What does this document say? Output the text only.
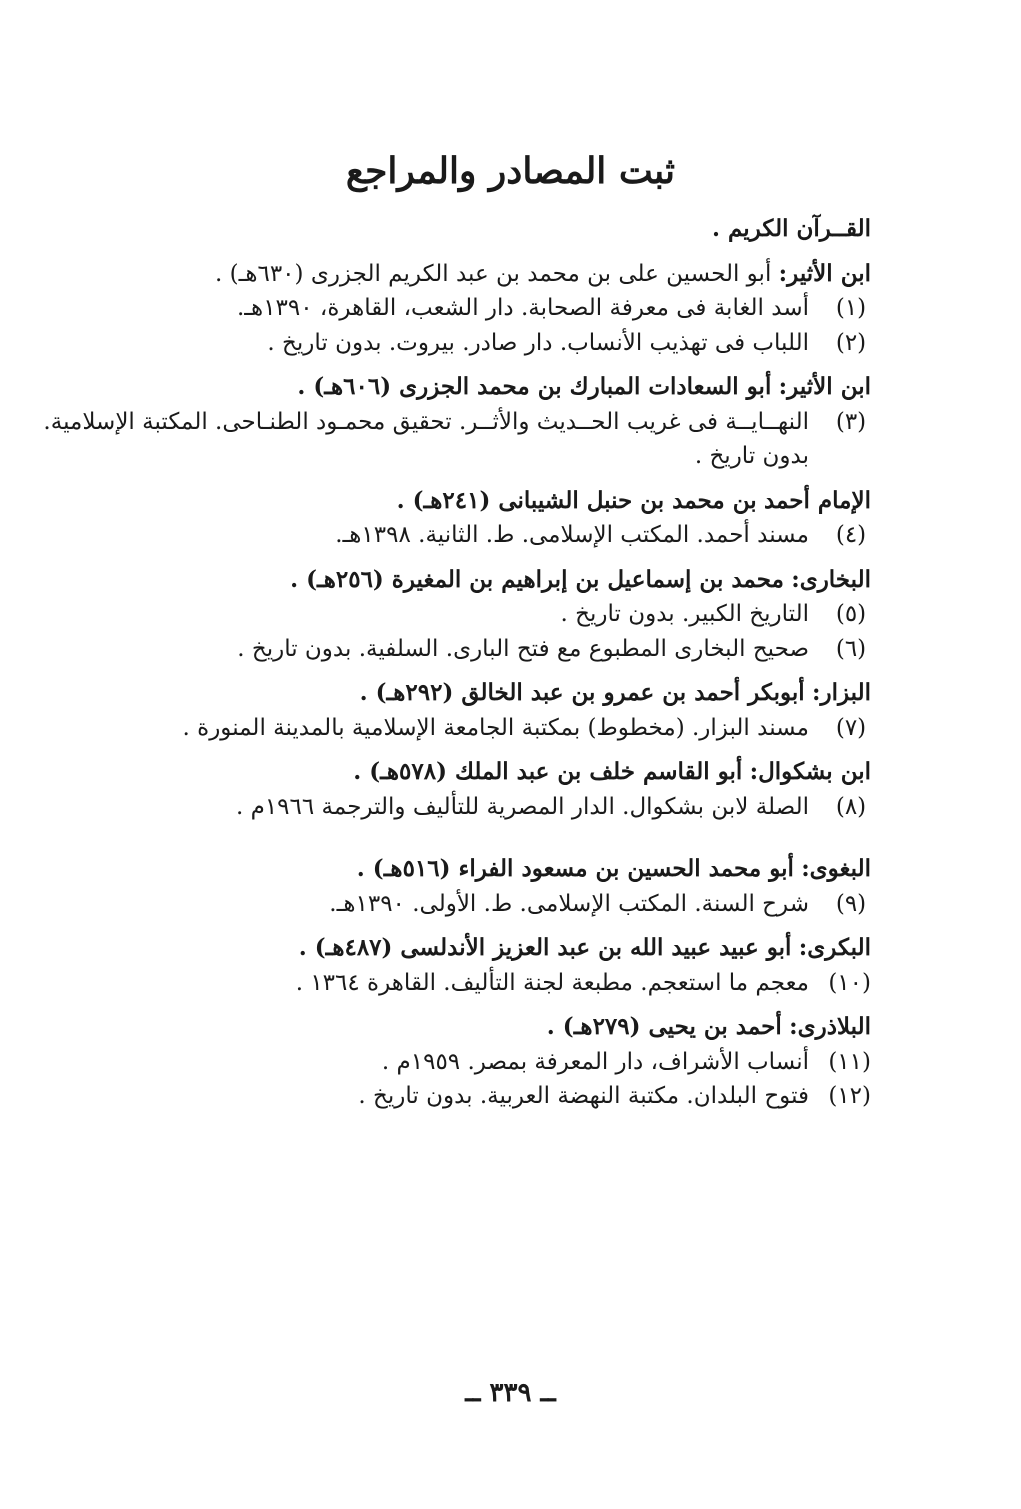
ثبت المصادر والمراجع

القــرآن الكريم .

ابن الأثير: أبو الحسين على بن محمد بن عبد الكريم الجزرى (٦٣٠هـ) .

(١)
أسد الغابة فى معرفة الصحابة. دار الشعب، القاهرة، ١٣٩٠هـ.
(٢)
اللباب فى تهذيب الأنساب. دار صادر. بيروت. بدون تاريخ .

ابن الأثير: أبو السعادات المبارك بن محمد الجزرى (٦٠٦هـ) .

(٣)
النهــايــة فى غريب الحــديث والأثــر. تحقيق محمـود الطنـاحى. المكتبة الإسلامية. بدون تاريخ .

الإمام أحمد بن محمد بن حنبل الشيبانى (٢٤١هـ) .

(٤)
مسند أحمد. المكتب الإسلامى. ط. الثانية. ١٣٩٨هـ.

البخارى: محمد بن إسماعيل بن إبراهيم بن المغيرة (٢٥٦هـ) .

(٥)
التاريخ الكبير. بدون تاريخ .
(٦)
صحيح البخارى المطبوع مع فتح البارى. السلفية. بدون تاريخ .

البزار: أبوبكر أحمد بن عمرو بن عبد الخالق (٢٩٢هـ) .

(٧)
مسند البزار. (مخطوط) بمكتبة الجامعة الإسلامية بالمدينة المنورة .

ابن بشكوال: أبو القاسم خلف بن عبد الملك (٥٧٨هـ) .

(٨)
الصلة لابن بشكوال. الدار المصرية للتأليف والترجمة ١٩٦٦م .

البغوى: أبو محمد الحسين بن مسعود الفراء (٥١٦هـ) .

(٩)
شرح السنة. المكتب الإسلامى. ط. الأولى. ١٣٩٠هـ.

البكرى: أبو عبيد عبيد الله بن عبد العزيز الأندلسى (٤٨٧هـ) .

(١٠)
معجم ما استعجم. مطبعة لجنة التأليف. القاهرة ١٣٦٤ .

البلاذرى: أحمد بن يحيى (٢٧٩هـ) .

(١١)
أنساب الأشراف، دار المعرفة بمصر. ١٩٥٩م .
(١٢)
فتوح البلدان. مكتبة النهضة العربية. بدون تاريخ .
ــ ٣٣٩ ــ
